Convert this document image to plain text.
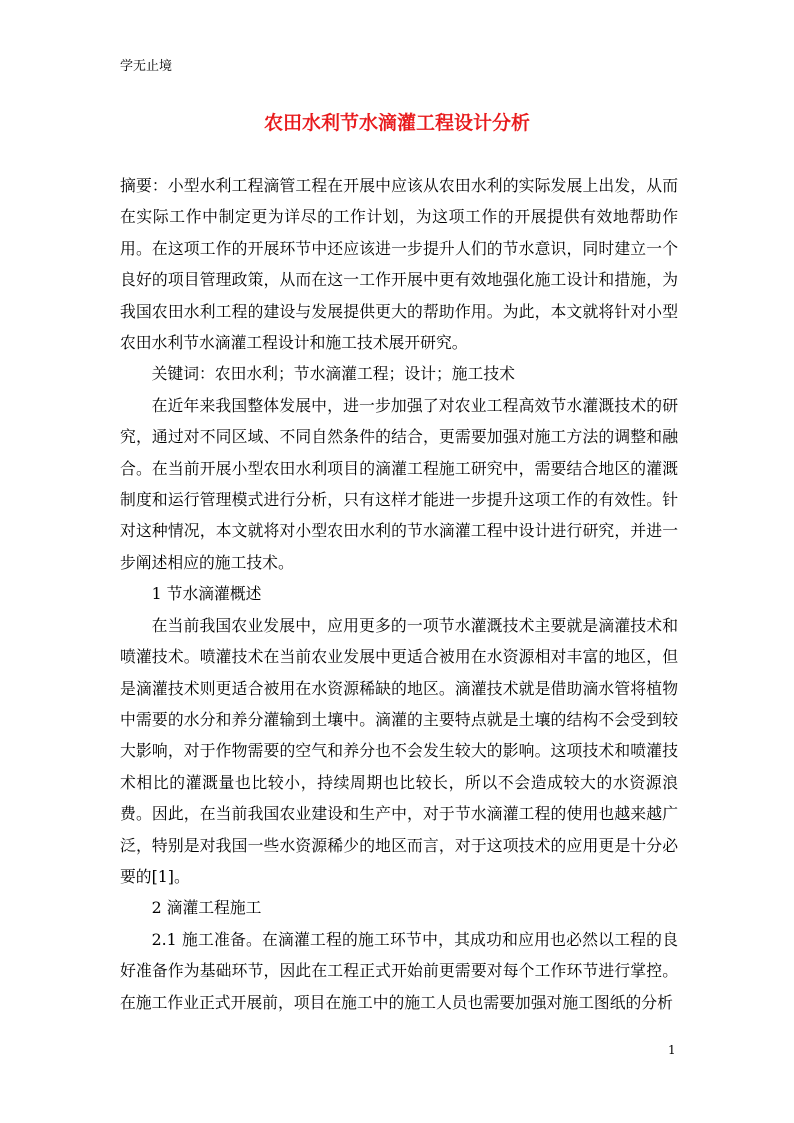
学无止境
农田水利节水滴灌工程设计分析

摘要：小型水利工程滴管工程在开展中应该从农田水利的实际发展上出发，从而在实际工作中制定更为详尽的工作计划，为这项工作的开展提供有效地帮助作用。在这项工作的开展环节中还应该进一步提升人们的节水意识，同时建立一个良好的项目管理政策，从而在这一工作开展中更有效地强化施工设计和措施，为我国农田水利工程的建设与发展提供更大的帮助作用。为此，本文就将针对小型农田水利节水滴灌工程设计和施工技术展开研究。

关键词：农田水利；节水滴灌工程；设计；施工技术

在近年来我国整体发展中，进一步加强了对农业工程高效节水灌溉技术的研究，通过对不同区域、不同自然条件的结合，更需要加强对施工方法的调整和融合。在当前开展小型农田水利项目的滴灌工程施工研究中，需要结合地区的灌溉制度和运行管理模式进行分析，只有这样才能进一步提升这项工作的有效性。针对这种情况，本文就将对小型农田水利的节水滴灌工程中设计进行研究，并进一步阐述相应的施工技术。

1 节水滴灌概述

在当前我国农业发展中，应用更多的一项节水灌溉技术主要就是滴灌技术和喷灌技术。喷灌技术在当前农业发展中更适合被用在水资源相对丰富的地区，但是滴灌技术则更适合被用在水资源稀缺的地区。滴灌技术就是借助滴水管将植物中需要的水分和养分灌输到土壤中。滴灌的主要特点就是土壤的结构不会受到较大影响，对于作物需要的空气和养分也不会发生较大的影响。这项技术和喷灌技术相比的灌溉量也比较小，持续周期也比较长，所以不会造成较大的水资源浪费。因此，在当前我国农业建设和生产中，对于节水滴灌工程的使用也越来越广泛，特别是对我国一些水资源稀少的地区而言，对于这项技术的应用更是十分必要的[1]。

2 滴灌工程施工

2.1 施工准备。在滴灌工程的施工环节中，其成功和应用也必然以工程的良好准备作为基础环节，因此在工程正式开始前更需要对每个工作环节进行掌控。在施工作业正式开展前，项目在施工中的施工人员也需要加强对施工图纸的分析

1
